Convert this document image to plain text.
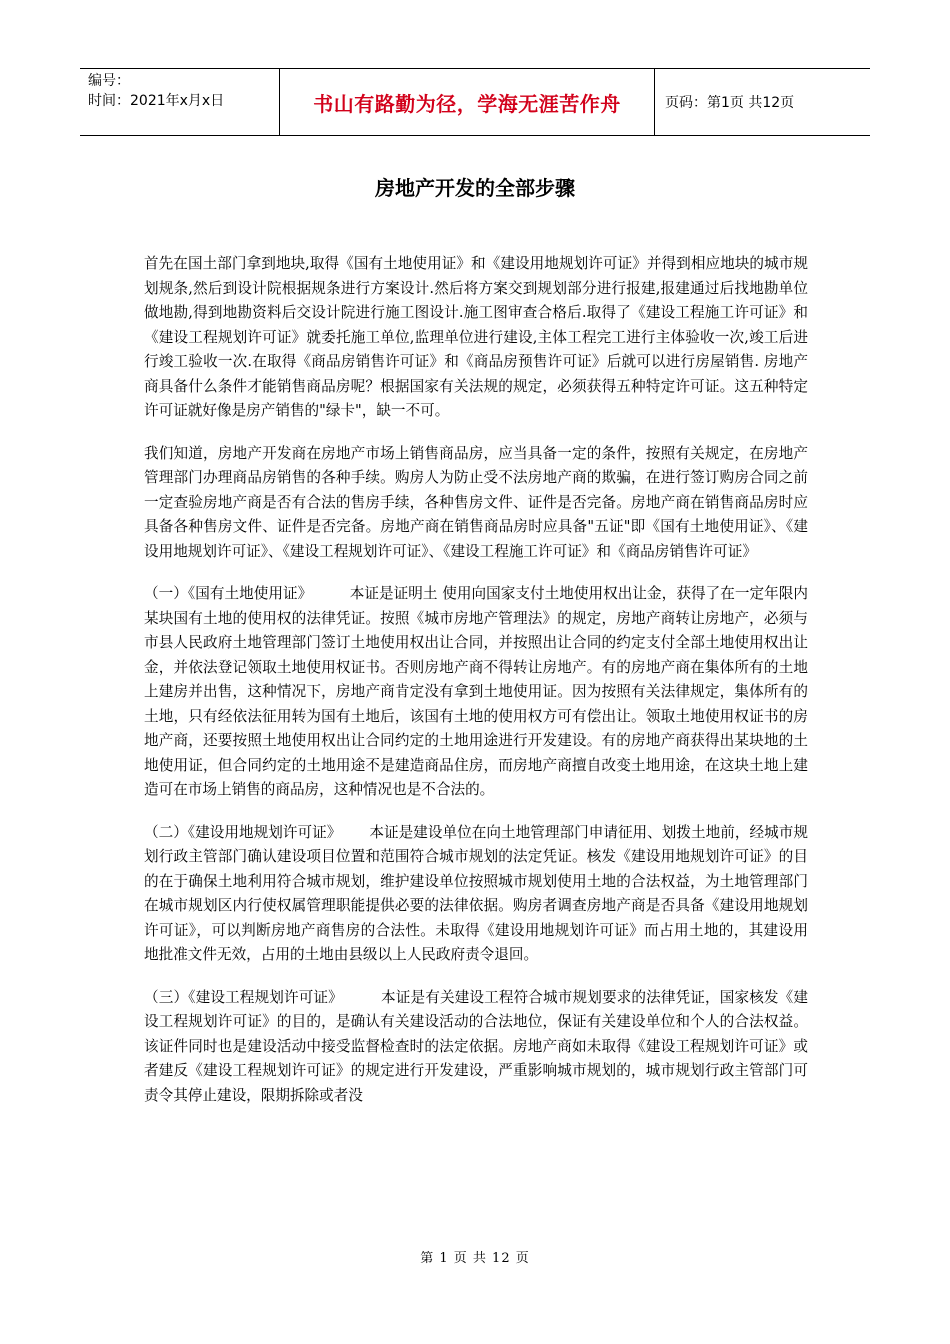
编号：
时间：2021年x月x日	书山有路勤为径，学海无涯苦作舟	页码：第1页 共12页
房地产开发的全部步骤

首先在国土部门拿到地块,取得《国有土地使用证》和《建设用地规划许可证》并得到相应地块的城市规划规条,然后到设计院根据规条进行方案设计.然后将方案交到规划部分进行报建,报建通过后找地勘单位做地勘,得到地勘资料后交设计院进行施工图设计.施工图审查合格后.取得了《建设工程施工许可证》和《建设工程规划许可证》就委托施工单位,监理单位进行建设,主体工程完工进行主体验收一次,竣工后进行竣工验收一次.在取得《商品房销售许可证》和《商品房预售许可证》后就可以进行房屋销售. 房地产商具备什么条件才能销售商品房呢？根据国家有关法规的规定，必须获得五种特定许可证。这五种特定许可证就好像是房产销售的"绿卡"，缺一不可。

我们知道，房地产开发商在房地产市场上销售商品房，应当具备一定的条件，按照有关规定，在房地产管理部门办理商品房销售的各种手续。购房人为防止受不法房地产商的欺骗，在进行签订购房合同之前一定查验房地产商是否有合法的售房手续，各种售房文件、证件是否完备。房地产商在销售商品房时应具备各种售房文件、证件是否完备。房地产商在销售商品房时应具备"五证"即《国有土地使用证》、《建设用地规划许可证》、《建设工程规划许可证》、《建设工程施工许可证》和《商品房销售许可证》

（一）《国有土地使用证》        本证是证明土 使用向国家支付土地使用权出让金，获得了在一定年限内某块国有土地的使用权的法律凭证。按照《城市房地产管理法》的规定，房地产商转让房地产，必须与市县人民政府土地管理部门签订土地使用权出让合同，并按照出让合同的约定支付全部土地使用权出让金，并依法登记领取土地使用权证书。否则房地产商不得转让房地产。有的房地产商在集体所有的土地上建房并出售，这种情况下，房地产商肯定没有拿到土地使用证。因为按照有关法律规定，集体所有的土地，只有经依法征用转为国有土地后，该国有土地的使用权方可有偿出让。领取土地使用权证书的房地产商，还要按照土地使用权出让合同约定的土地用途进行开发建设。有的房地产商获得出某块地的土地使用证，但合同约定的土地用途不是建造商品住房，而房地产商擅自改变土地用途，在这块土地上建造可在市场上销售的商品房，这种情况也是不合法的。

（二）《建设用地规划许可证》      本证是建设单位在向土地管理部门申请征用、划拨土地前，经城市规划行政主管部门确认建设项目位置和范围符合城市规划的法定凭证。核发《建设用地规划许可证》的目的在于确保土地利用符合城市规划，维护建设单位按照城市规划使用土地的合法权益，为土地管理部门在城市规划区内行使权属管理职能提供必要的法律依据。购房者调查房地产商是否具备《建设用地规划许可证》，可以判断房地产商售房的合法性。未取得《建设用地规划许可证》而占用土地的，其建设用地批准文件无效，占用的土地由县级以上人民政府责令退回。

（三）《建设工程规划许可证》        本证是有关建设工程符合城市规划要求的法律凭证，国家核发《建设工程规划许可证》的目的，是确认有关建设活动的合法地位，保证有关建设单位和个人的合法权益。该证件同时也是建设活动中接受监督检查时的法定依据。房地产商如未取得《建设工程规划许可证》或者建反《建设工程规划许可证》的规定进行开发建设，严重影响城市规划的，城市规划行政主管部门可责令其停止建设，限期拆除或者没

第 1 页 共 12 页
